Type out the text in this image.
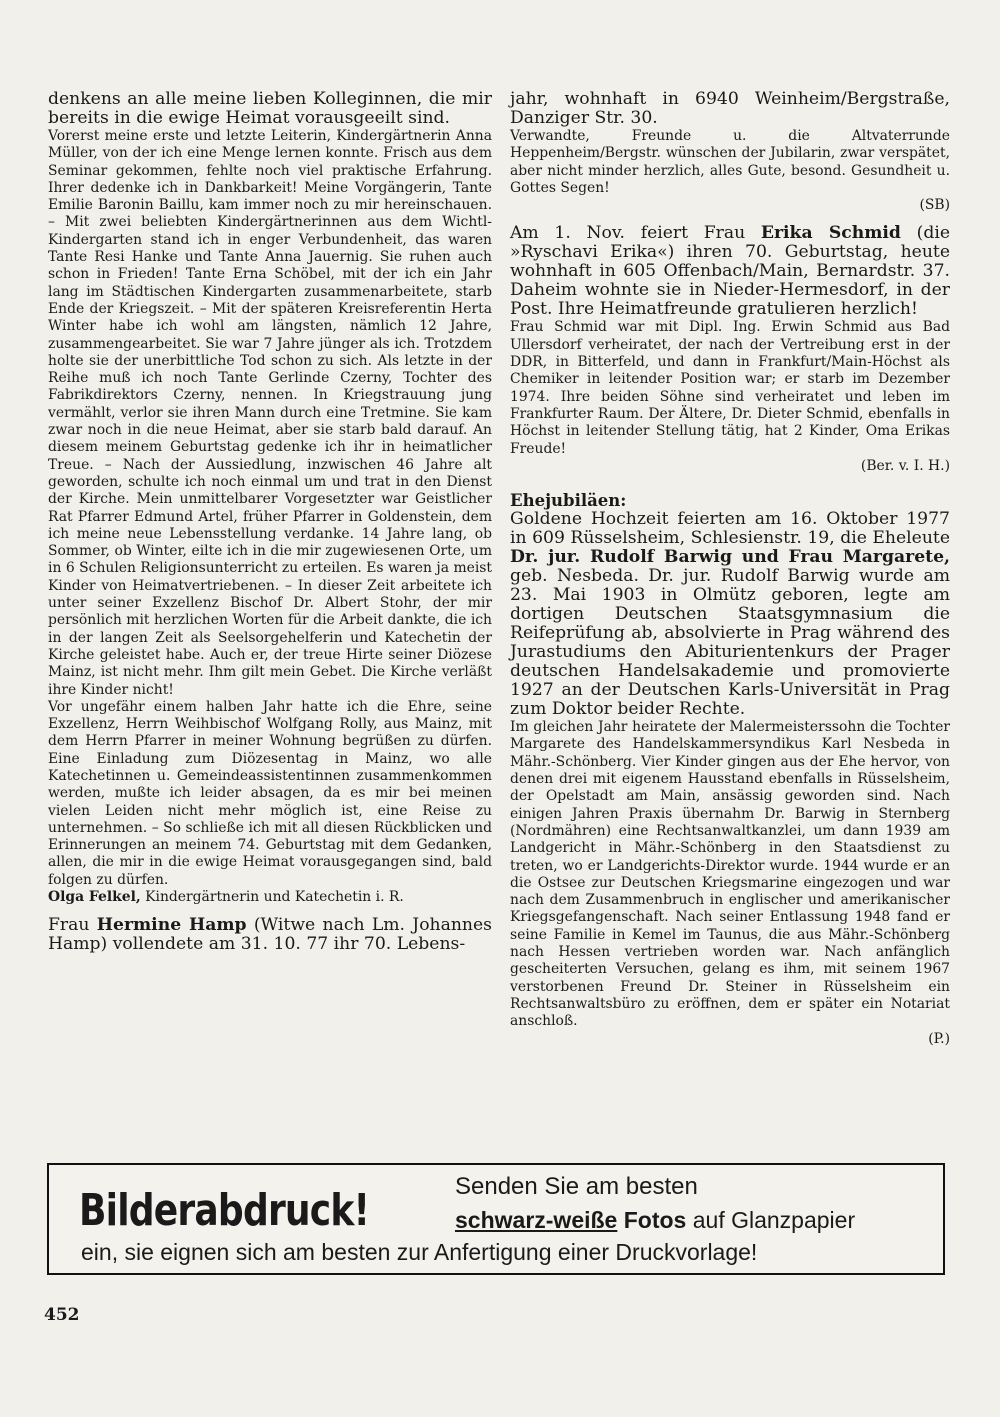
denkens an alle meine lieben Kolleginnen, die mir bereits in die ewige Heimat vorausgeeilt sind.

Vorerst meine erste und letzte Leiterin, Kindergärtnerin Anna Müller, von der ich eine Menge lernen konnte. Frisch aus dem Seminar gekommen, fehlte noch viel praktische Erfahrung. Ihrer dedenke ich in Dankbarkeit! Meine Vorgängerin, Tante Emilie Baronin Baillu, kam immer noch zu mir hereinschauen. – Mit zwei beliebten Kindergärtnerinnen aus dem Wichtl-Kindergarten stand ich in enger Verbundenheit, das waren Tante Resi Hanke und Tante Anna Jauernig. Sie ruhen auch schon in Frieden! Tante Erna Schöbel, mit der ich ein Jahr lang im Städtischen Kindergarten zusammenarbeitete, starb Ende der Kriegszeit. – Mit der späteren Kreisreferentin Herta Winter habe ich wohl am längsten, nämlich 12 Jahre, zusammengearbeitet. Sie war 7 Jahre jünger als ich. Trotzdem holte sie der unerbittliche Tod schon zu sich. Als letzte in der Reihe muß ich noch Tante Gerlinde Czerny, Tochter des Fabrikdirektors Czerny, nennen. In Kriegstrauung jung vermählt, verlor sie ihren Mann durch eine Tretmine. Sie kam zwar noch in die neue Heimat, aber sie starb bald darauf. An diesem meinem Geburtstag gedenke ich ihr in heimatlicher Treue. – Nach der Aussiedlung, inzwischen 46 Jahre alt geworden, schulte ich noch einmal um und trat in den Dienst der Kirche. Mein unmittelbarer Vorgesetzter war Geistlicher Rat Pfarrer Edmund Artel, früher Pfarrer in Goldenstein, dem ich meine neue Lebensstellung verdanke. 14 Jahre lang, ob Sommer, ob Winter, eilte ich in die mir zugewiesenen Orte, um in 6 Schulen Religionsunterricht zu erteilen. Es waren ja meist Kinder von Heimatvertriebenen. – In dieser Zeit arbeitete ich unter seiner Exzellenz Bischof Dr. Albert Stohr, der mir persönlich mit herzlichen Worten für die Arbeit dankte, die ich in der langen Zeit als Seelsorgehelferin und Katechetin der Kirche geleistet habe. Auch er, der treue Hirte seiner Diözese Mainz, ist nicht mehr. Ihm gilt mein Gebet. Die Kirche verläßt ihre Kinder nicht!

Vor ungefähr einem halben Jahr hatte ich die Ehre, seine Exzellenz, Herrn Weihbischof Wolfgang Rolly, aus Mainz, mit dem Herrn Pfarrer in meiner Wohnung begrüßen zu dürfen. Eine Einladung zum Diözesentag in Mainz, wo alle Katechetinnen u. Gemeindeassistentinnen zusammenkommen werden, mußte ich leider absagen, da es mir bei meinen vielen Leiden nicht mehr möglich ist, eine Reise zu unternehmen. – So schließe ich mit all diesen Rückblicken und Erinnerungen an meinem 74. Geburtstag mit dem Gedanken, allen, die mir in die ewige Heimat vorausgegangen sind, bald folgen zu dürfen.

Olga Felkel, Kindergärtnerin und Katechetin i. R.

Frau Hermine Hamp (Witwe nach Lm. Johannes Hamp) vollendete am 31. 10. 77 ihr 70. Lebens-

jahr, wohnhaft in 6940 Weinheim/Bergstraße, Danziger Str. 30.

Verwandte, Freunde u. die Altvaterrunde Heppenheim/Bergstr. wünschen der Jubilarin, zwar verspätet, aber nicht minder herzlich, alles Gute, besond. Gesundheit u. Gottes Segen!

(SB)

Am 1. Nov. feiert Frau Erika Schmid (die »Ryschavi Erika«) ihren 70. Geburtstag, heute wohnhaft in 605 Offenbach/Main, Bernardstr. 37. Daheim wohnte sie in Nieder-Hermesdorf, in der Post. Ihre Heimatfreunde gratulieren herzlich!

Frau Schmid war mit Dipl. Ing. Erwin Schmid aus Bad Ullersdorf verheiratet, der nach der Vertreibung erst in der DDR, in Bitterfeld, und dann in Frankfurt/Main-Höchst als Chemiker in leitender Position war; er starb im Dezember 1974. Ihre beiden Söhne sind verheiratet und leben im Frankfurter Raum. Der Ältere, Dr. Dieter Schmid, ebenfalls in Höchst in leitender Stellung tätig, hat 2 Kinder, Oma Erikas Freude!

(Ber. v. I. H.)

Ehejubiläen:

Goldene Hochzeit feierten am 16. Oktober 1977 in 609 Rüsselsheim, Schlesienstr. 19, die Eheleute Dr. jur. Rudolf Barwig und Frau Margarete, geb. Nesbeda. Dr. jur. Rudolf Barwig wurde am 23. Mai 1903 in Olmütz geboren, legte am dortigen Deutschen Staatsgymnasium die Reifeprüfung ab, absolvierte in Prag während des Jurastudiums den Abiturientenkurs der Prager deutschen Handelsakademie und promovierte 1927 an der Deutschen Karls-Universität in Prag zum Doktor beider Rechte.

Im gleichen Jahr heiratete der Malermeisterssohn die Tochter Margarete des Handelskammersyndikus Karl Nesbeda in Mähr.-Schönberg. Vier Kinder gingen aus der Ehe hervor, von denen drei mit eigenem Hausstand ebenfalls in Rüsselsheim, der Opelstadt am Main, ansässig geworden sind. Nach einigen Jahren Praxis übernahm Dr. Barwig in Sternberg (Nordmähren) eine Rechtsanwaltkanzlei, um dann 1939 am Landgericht in Mähr.-Schönberg in den Staatsdienst zu treten, wo er Landgerichts-Direktor wurde. 1944 wurde er an die Ostsee zur Deutschen Kriegsmarine eingezogen und war nach dem Zusammenbruch in englischer und amerikanischer Kriegsgefangenschaft. Nach seiner Entlassung 1948 fand er seine Familie in Kemel im Taunus, die aus Mähr.-Schönberg nach Hessen vertrieben worden war. Nach anfänglich gescheiterten Versuchen, gelang es ihm, mit seinem 1967 verstorbenen Freund Dr. Steiner in Rüsselsheim ein Rechtsanwaltsbüro zu eröffnen, dem er später ein Notariat anschloß.

(P.)

Bilderabdruck!	Senden Sie am besten
schwarz-weiße Fotos auf Glanzpapier
ein, sie eignen sich am besten zur Anfertigung einer Druckvorlage!
452
